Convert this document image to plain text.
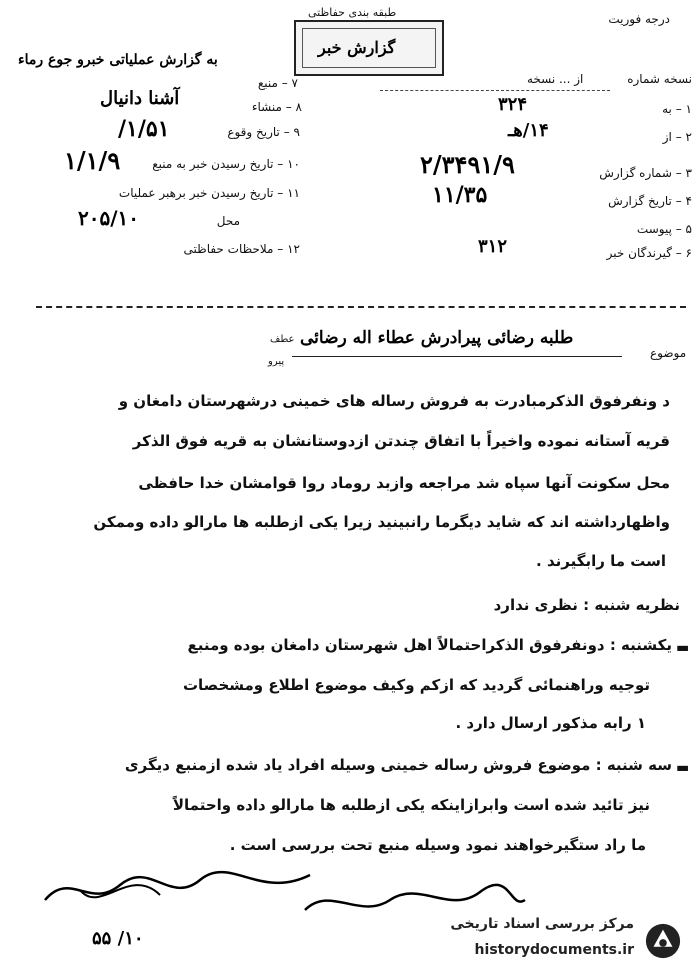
درجه فوریت
طبقه بندی حفاظتی
گزارش خبر
به گزارش عملیاتی خبرو جوع رماء
۷ – منبع
۸ – منشاء
آشنا دانیال
۹ – تاریخ وقوع
۱/۵۱/
۱۰ – تاریخ رسیدن خبر به منبع
۱/۱/۹
۱۱ – تاریخ رسیدن خبر برهبر عملیات
محل
۲۰۵/۱۰
۱۲ – ملاحظات حفاظتی
نسخه شماره از ... نسخه
۱ – به
۳۲۴
۲ – از
۱۴/هـ
۳ – شماره گزارش
۲/۳۴۹۱/۹
۴ – تاریخ گزارش
۱۱/۳۵
۵ – پیوست
۶ – گیرندگان خبر
۳۱۲
موضوع
طلبه رضائی پیرادرش عطاء اله رضائی
عطف
پیرو
د ونفرفوق الذکرمبادرت به فروش رساله های خمینی درشهرستان دامغان و
قریه آستانه نموده واخیراً با اتفاق چندتن ازدوستانشان به قریه فوق الذکر
محل سکونت آنها سپاه شد مراجعه وازبد روماد روا قوامشان خدا حافظی
واظهارداشته اند که شاید دیگرما رانبینید زیرا یکی ازطلبه ها مارالو داده وممکن
است ما رابگیرند .
نظریه شنبه : نظری ندارد
▬
یکشنبه : دونفرفوق الذکراحتمالاً اهل شهرستان دامغان بوده ومنبع
توجیه وراهنمائی گردید که ازکم وکیف موضوع اطلاع ومشخصات
۱ رابه مذکور ارسال دارد .
▬
سه شنبه : موضوع فروش رساله خمینی وسیله افراد یاد شده ازمنبع دیگری
نیز تائید شده است وابرازاینکه یکی ازطلبه ها مارالو داده واحتمالاً
ما راد ستگیرخواهند نمود وسیله منبع تحت بررسی است .
۱۰/ ۵۵
مرکز بررسی اسناد تاریخی
historydocuments.ir
